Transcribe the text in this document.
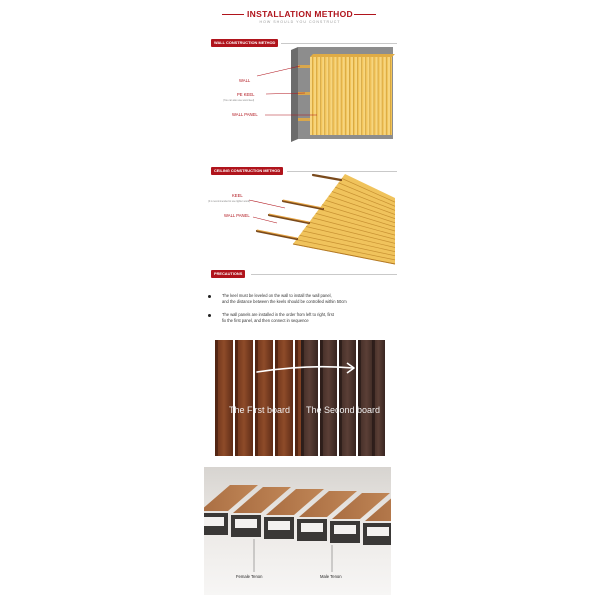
INSTALLATION METHOD
HOW SHOULD YOU CONSTRUCT
WALL CONSTRUCTION METHOD
WALL
PE KEEL
(You can also use wood keel)
WALL PANEL
CEILING CONSTRUCTION METHOD
KEEL
(It is recommended to use lighter wood)
WALL PANEL
PRECAUTIONS
The keel must be leveled on the wall to install the wall panel,
and the distance between the keels should be controlled within 50cm
The wall panels are installed in the order from left to right, first
fix the first panel, and then connect in sequence
The First board The Second board
Female Tenon	Male Tenon
